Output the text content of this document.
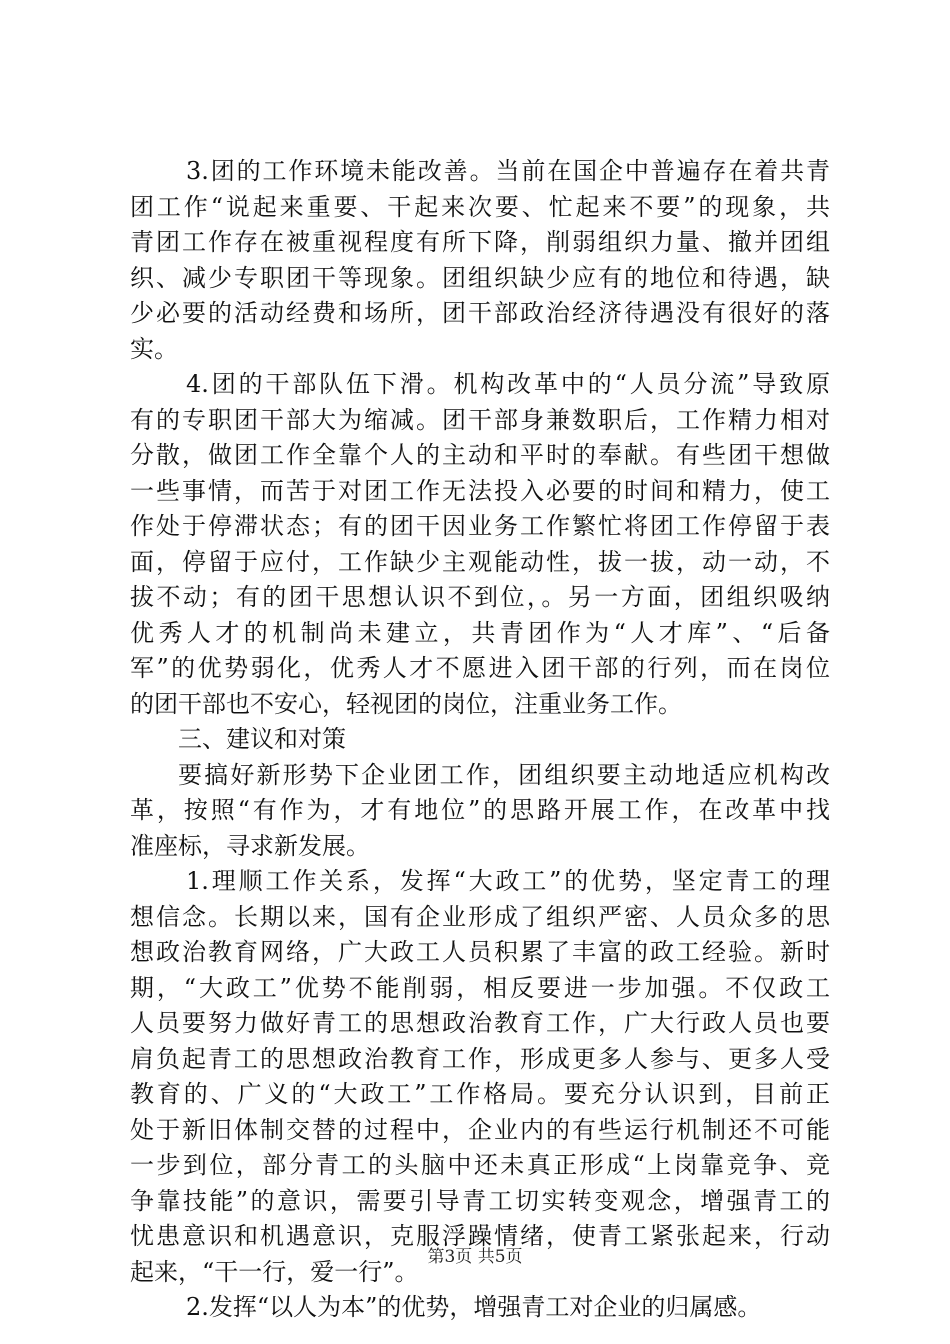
3.团的工作环境未能改善。当前在国企中普遍存在着共青
团工作“说起来重要、干起来次要、忙起来不要”的现象，共
青团工作存在被重视程度有所下降，削弱组织力量、撤并团组
织、减少专职团干等现象。团组织缺少应有的地位和待遇，缺
少必要的活动经费和场所，团干部政治经济待遇没有很好的落
实。
4.团的干部队伍下滑。机构改革中的“人员分流”导致原
有的专职团干部大为缩减。团干部身兼数职后，工作精力相对
分散，做团工作全靠个人的主动和平时的奉献。有些团干想做
一些事情，而苦于对团工作无法投入必要的时间和精力，使工
作处于停滞状态；有的团干因业务工作繁忙将团工作停留于表
面，停留于应付，工作缺少主观能动性，拔一拔，动一动，不
拔不动；有的团干思想认识不到位，。另一方面，团组织吸纳
优秀人才的机制尚未建立，共青团作为“人才库”、“后备
军”的优势弱化，优秀人才不愿进入团干部的行列，而在岗位
的团干部也不安心，轻视团的岗位，注重业务工作。
三、建议和对策
要搞好新形势下企业团工作，团组织要主动地适应机构改
革，按照“有作为，才有地位”的思路开展工作，在改革中找
准座标，寻求新发展。
1.理顺工作关系，发挥“大政工”的优势，坚定青工的理
想信念。长期以来，国有企业形成了组织严密、人员众多的思
想政治教育网络，广大政工人员积累了丰富的政工经验。新时
期，“大政工”优势不能削弱，相反要进一步加强。不仅政工
人员要努力做好青工的思想政治教育工作，广大行政人员也要
肩负起青工的思想政治教育工作，形成更多人参与、更多人受
教育的、广义的“大政工”工作格局。要充分认识到，目前正
处于新旧体制交替的过程中，企业内的有些运行机制还不可能
一步到位，部分青工的头脑中还未真正形成“上岗靠竞争、竞
争靠技能”的意识，需要引导青工切实转变观念，增强青工的
忧患意识和机遇意识，克服浮躁情绪，使青工紧张起来，行动
起来，“干一行，爱一行”。
2.发挥“以人为本”的优势，增强青工对企业的归属感。
第3页 共5页
